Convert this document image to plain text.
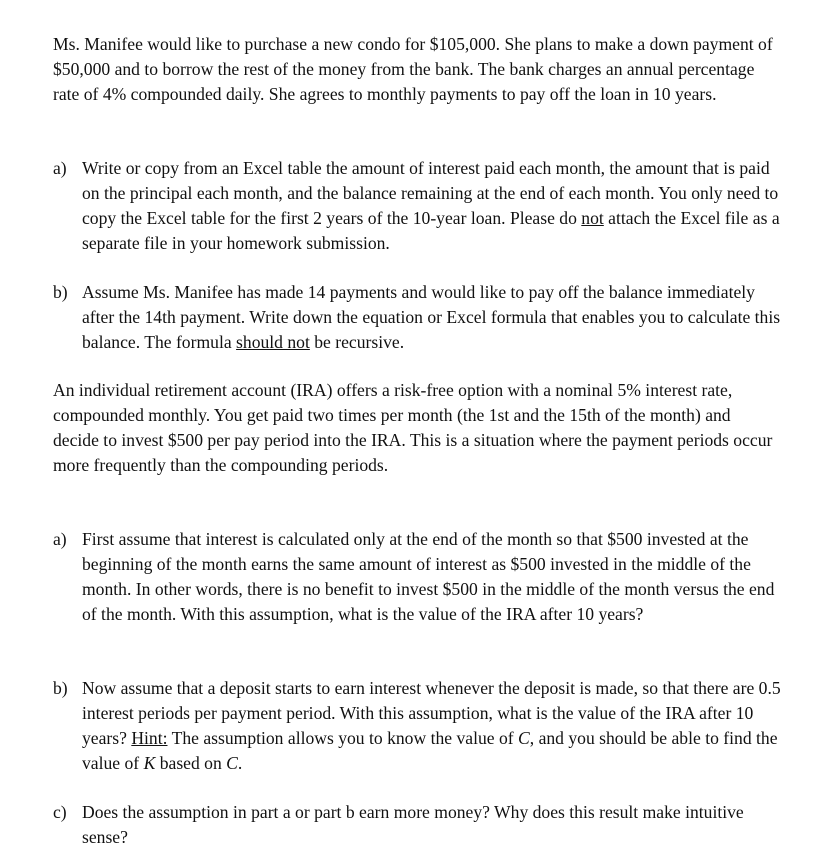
Ms. Manifee would like to purchase a new condo for $105,000. She plans to make a down payment of $50,000 and to borrow the rest of the money from the bank. The bank charges an annual percentage rate of 4% compounded daily. She agrees to monthly payments to pay off the loan in 10 years.

a) Write or copy from an Excel table the amount of interest paid each month, the amount that is paid on the principal each month, and the balance remaining at the end of each month. You only need to copy the Excel table for the first 2 years of the 10-year loan. Please do not attach the Excel file as a separate file in your homework submission.
b) Assume Ms. Manifee has made 14 payments and would like to pay off the balance immediately after the 14th payment. Write down the equation or Excel formula that enables you to calculate this balance. The formula should not be recursive.

An individual retirement account (IRA) offers a risk-free option with a nominal 5% interest rate, compounded monthly. You get paid two times per month (the 1st and the 15th of the month) and decide to invest $500 per pay period into the IRA. This is a situation where the payment periods occur more frequently than the compounding periods.

a) First assume that interest is calculated only at the end of the month so that $500 invested at the beginning of the month earns the same amount of interest as $500 invested in the middle of the month. In other words, there is no benefit to invest $500 in the middle of the month versus the end of the month. With this assumption, what is the value of the IRA after 10 years?
b) Now assume that a deposit starts to earn interest whenever the deposit is made, so that there are 0.5 interest periods per payment period. With this assumption, what is the value of the IRA after 10 years? Hint: The assumption allows you to know the value of C, and you should be able to find the value of K based on C.
c) Does the assumption in part a or part b earn more money? Why does this result make intuitive sense?
